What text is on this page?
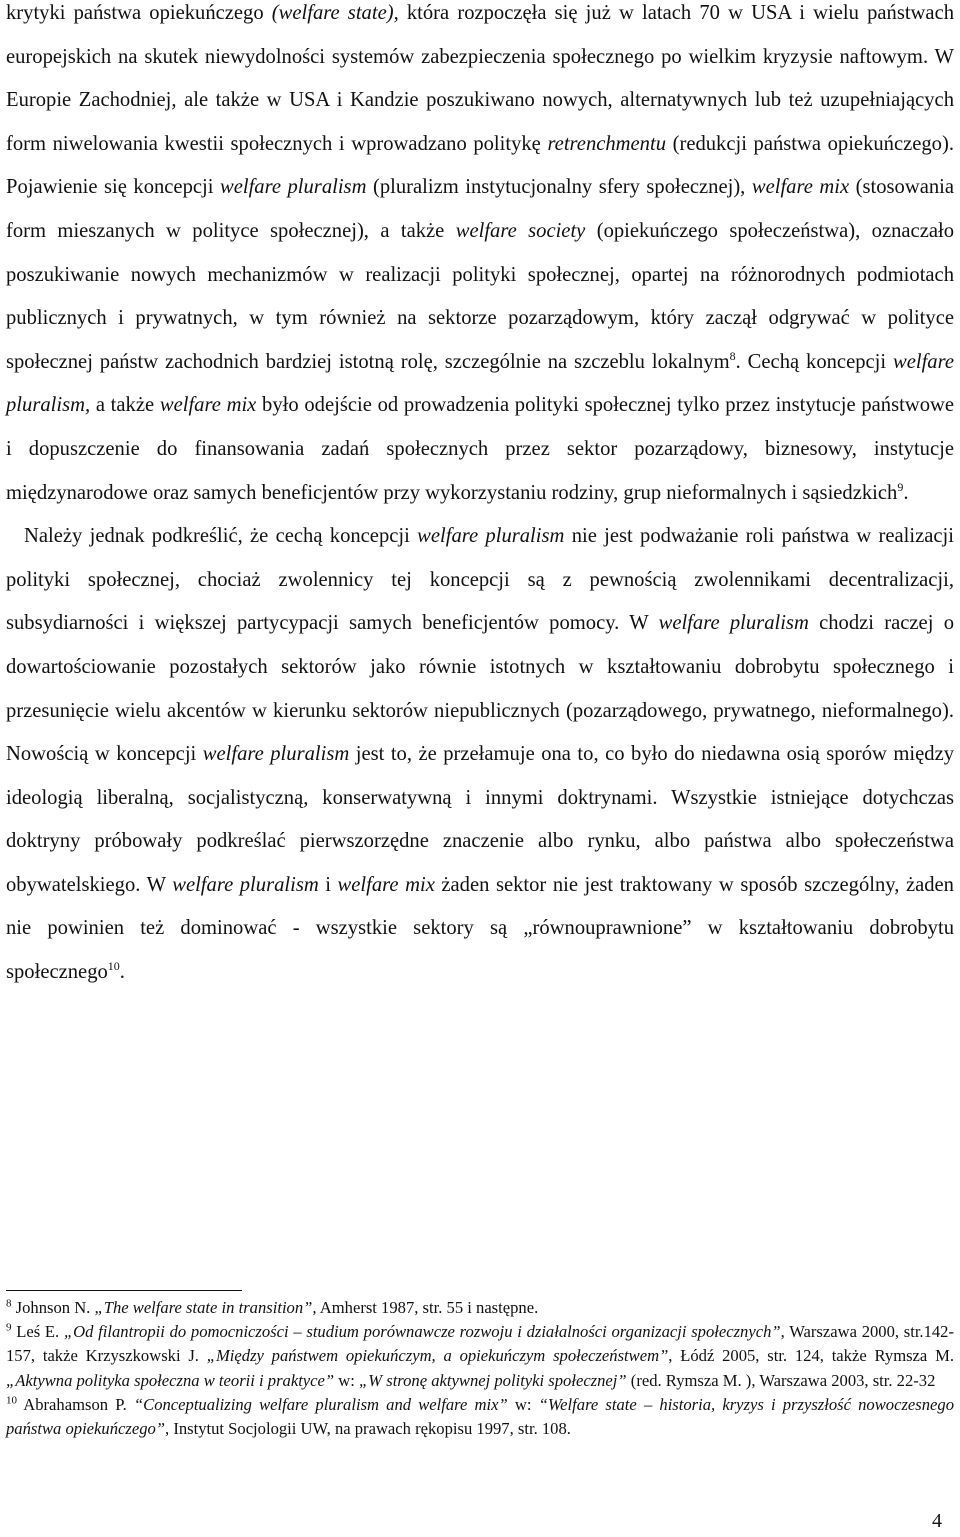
krytyki państwa opiekuńczego (welfare state), która rozpoczęła się już w latach 70 w USA i wielu państwach europejskich na skutek niewydolności systemów zabezpieczenia społecznego po wielkim kryzysie naftowym. W Europie Zachodniej, ale także w USA i Kandzie poszukiwano nowych, alternatywnych lub też uzupełniających form niwelowania kwestii społecznych i wprowadzano politykę retrenchmentu (redukcji państwa opiekuńczego). Pojawienie się koncepcji welfare pluralism (pluralizm instytucjonalny sfery społecznej), welfare mix (stosowania form mieszanych w polityce społecznej), a także welfare society (opiekuńczego społeczeństwa), oznaczało poszukiwanie nowych mechanizmów w realizacji polityki społecznej, opartej na różnorodnych podmiotach publicznych i prywatnych, w tym również na sektorze pozarządowym, który zaczął odgrywać w polityce społecznej państw zachodnich bardziej istotną rolę, szczególnie na szczeblu lokalnym$^8$. Cechą koncepcji welfare pluralism, a także welfare mix było odejście od prowadzenia polityki społecznej tylko przez instytucje państwowe i dopuszczenie do finansowania zadań społecznych przez sektor pozarządowy, biznesowy, instytucje międzynarodowe oraz samych beneficjentów przy wykorzystaniu rodziny, grup nieformalnych i sąsiedzkich$^9$.

Należy jednak podkreślić, że cechą koncepcji welfare pluralism nie jest podważanie roli państwa w realizacji polityki społecznej, chociaż zwolennicy tej koncepcji są z pewnością zwolennikami decentralizacji, subsydiarności i większej partycypacji samych beneficjentów pomocy. W welfare pluralism chodzi raczej o dowartościowanie pozostałych sektorów jako równie istotnych w kształtowaniu dobrobytu społecznego i przesunięcie wielu akcentów w kierunku sektorów niepublicznych (pozarządowego, prywatnego, nieformalnego). Nowością w koncepcji welfare pluralism jest to, że przełamuje ona to, co było do niedawna osią sporów między ideologią liberalną, socjalistyczną, konserwatywną i innymi doktrynami. Wszystkie istniejące dotychczas doktryny próbowały podkreślać pierwszorzędne znaczenie albo rynku, albo państwa albo społeczeństwa obywatelskiego. W welfare pluralism i welfare mix żaden sektor nie jest traktowany w sposób szczególny, żaden nie powinien też dominować - wszystkie sektory są „równouprawnione” w kształtowaniu dobrobytu społecznego$^{10}$.

$^8$ Johnson N. „The welfare state in transition”, Amherst 1987, str. 55 i następne.

$^9$ Leś E. „Od filantropii do pomocniczości – studium porównawcze rozwoju i działalności organizacji społecznych”, Warszawa 2000, str.142-157, także Krzyszkowski J. „Między państwem opiekuńczym, a opiekuńczym społeczeństwem”, Łódź 2005, str. 124, także Rymsza M. „Aktywna polityka społeczna w teorii i praktyce” w: „W stronę aktywnej polityki społecznej” (red. Rymsza M. ), Warszawa 2003, str. 22-32

$^{10}$ Abrahamson P. “Conceptualizing welfare pluralism and welfare mix” w: “Welfare state – historia, kryzys i przyszłość nowoczesnego państwa opiekuńczego”, Instytut Socjologii UW, na prawach rękopisu 1997, str. 108.

4
